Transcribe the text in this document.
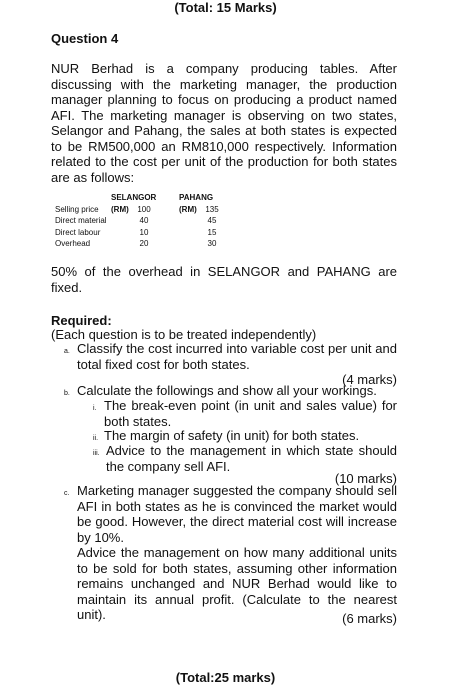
(Total: 15 Marks)
Question 4
NUR Berhad is a company producing tables. After discussing with the marketing manager, the production manager planning to focus on producing a product named AFI. The marketing manager is observing on two states, Selangor and Pahang, the sales at both states is expected to be RM500,000 an RM810,000 respectively. Information related to the cost per unit of the production for both states are as follows:
SELANGOR (RM)
PAHANG (RM)
Selling price	100	135
Direct material	40	45
Direct labour	10	15
Overhead	20	30
50% of the overhead in SELANGOR and PAHANG are fixed.
Required:
(Each question is to be treated independently)
a. Classify the cost incurred into variable cost per unit and total fixed cost for both states.
(4 marks)
b. Calculate the followings and show all your workings.
i. The break-even point (in unit and sales value) for both states.
ii. The margin of safety (in unit) for both states.
iii. Advice to the management in which state should the company sell AFI.
(10 marks)
c. Marketing manager suggested the company should sell AFI in both states as he is convinced the market would be good. However, the direct material cost will increase by 10%.
Advice the management on how many additional units to be sold for both states, assuming other information remains unchanged and NUR Berhad would like to maintain its annual profit. (Calculate to the nearest unit).	(6 marks)
(Total:25 marks)
